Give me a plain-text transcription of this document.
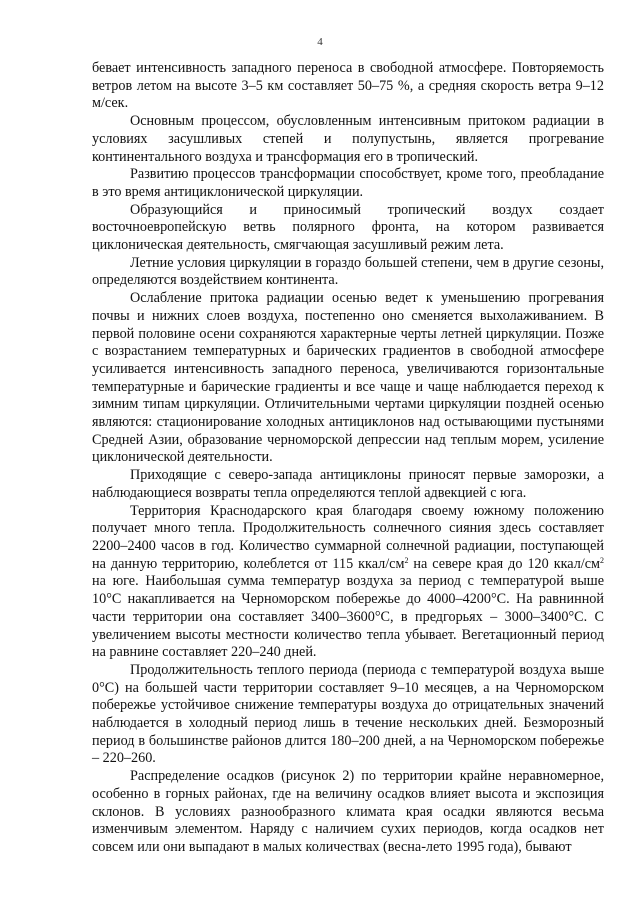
4

бевает интенсивность западного переноса в свободной атмосфере. Повторяемость ветров летом на высоте 3–5 км составляет 50–75 %, а средняя скорость ветра 9–12 м/сек.

Основным процессом, обусловленным интенсивным притоком радиации в условиях засушливых степей и полупустынь, является прогревание континентального воздуха и трансформация его в тропический.

Развитию процессов трансформации способствует, кроме того, преобладание в это время антициклонической циркуляции.

Образующийся и приносимый тропический воздух создает восточноевропейскую ветвь полярного фронта, на котором развивается циклоническая деятельность, смягчающая засушливый режим лета.

Летние условия циркуляции в гораздо большей степени, чем в другие сезоны, определяются воздействием континента.

Ослабление притока радиации осенью ведет к уменьшению прогревания почвы и нижних слоев воздуха, постепенно оно сменяется выхолаживанием. В первой половине осени сохраняются характерные черты летней циркуляции. Позже с возрастанием температурных и барических градиентов в свободной атмосфере усиливается интенсивность западного переноса, увеличиваются горизонтальные температурные и барические градиенты и все чаще и чаще наблюдается переход к зимним типам циркуляции. Отличительными чертами циркуляции поздней осенью являются: стационирование холодных антициклонов над остывающими пустынями Средней Азии, образование черноморской депрессии над теплым морем, усиление циклонической деятельности.

Приходящие с северо-запада антициклоны приносят первые заморозки, а наблюдающиеся возвраты тепла определяются теплой адвекцией с юга.

Территория Краснодарского края благодаря своему южному положению получает много тепла. Продолжительность солнечного сияния здесь составляет 2200–2400 часов в год. Количество суммарной солнечной радиации, поступающей на данную территорию, колеблется от 115 ккал/$см^2$ на севере края до 120 ккал/$см^2$ на юге. Наибольшая сумма температур воздуха за период с температурой выше 10°С накапливается на Черноморском побережье до 4000–4200°С. На равнинной части территории она составляет 3400–3600°С, в предгорьях – 3000–3400°С. С увеличением высоты местности количество тепла убывает. Вегетационный период на равнине составляет 220–240 дней.

Продолжительность теплого периода (периода с температурой воздуха выше 0°С) на большей части территории составляет 9–10 месяцев, а на Черноморском побережье устойчивое снижение температуры воздуха до отрицательных значений наблюдается в холодный период лишь в течение нескольких дней. Безморозный период в большинстве районов длится 180–200 дней, а на Черноморском побережье – 220–260.

Распределение осадков (рисунок 2) по территории крайне неравномерное, особенно в горных районах, где на величину осадков влияет высота и экспозиция склонов. В условиях разнообразного климата края осадки являются весьма изменчивым элементом. Наряду с наличием сухих периодов, когда осадков нет совсем или они выпадают в малых количествах (весна-лето 1995 года), бывают
